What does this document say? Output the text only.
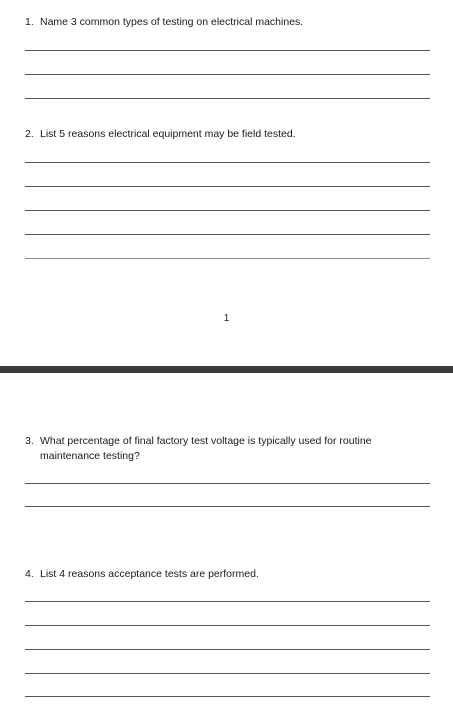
1. Name 3 common types of testing on electrical machines.
2. List 5 reasons electrical equipment may be field tested.
1
3. What percentage of final factory test voltage is typically used for routine maintenance testing?
4. List 4 reasons acceptance tests are performed.
